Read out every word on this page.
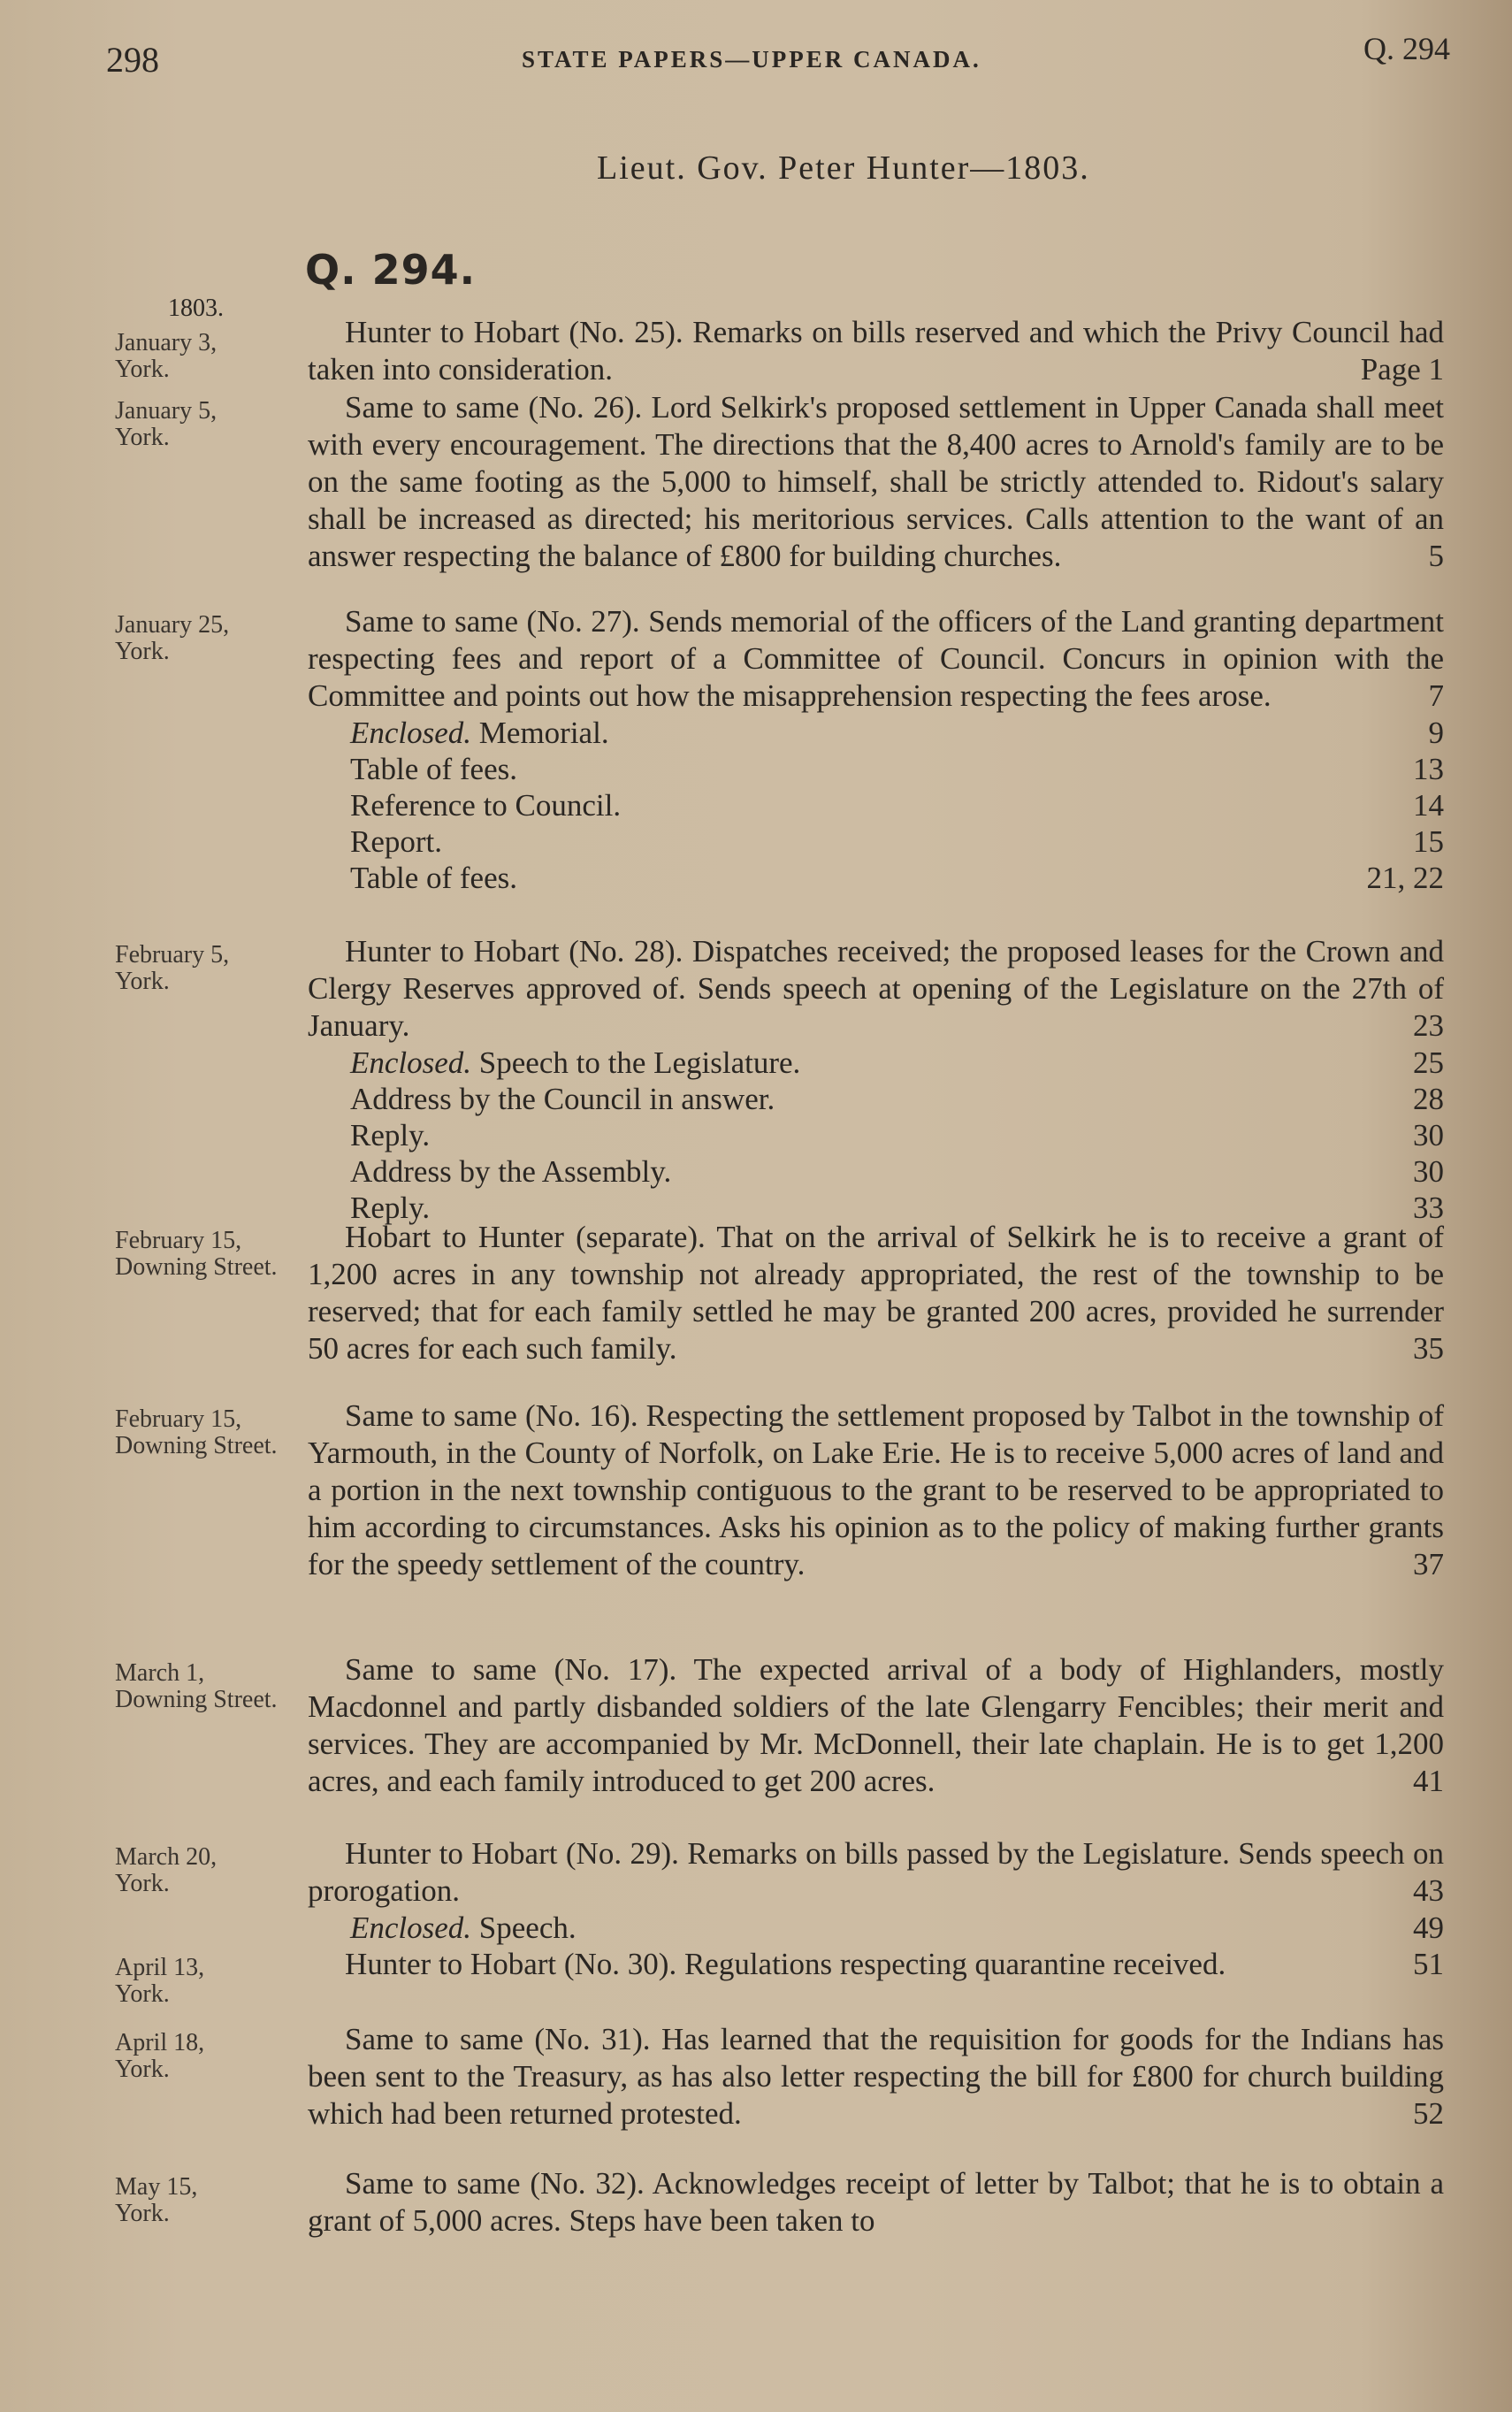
298	STATE PAPERS—UPPER CANADA.	Q. 294
Lieut. Gov. Peter Hunter—1803.
Q. 294.
1803.
January 3,
York.

Hunter to Hobart (No. 25). Remarks on bills reserved and which the Privy Council had taken into consideration.	Page 1

January 5,
York.

Same to same (No. 26). Lord Selkirk's proposed settlement in Upper Canada shall meet with every encouragement. The directions that the 8,400 acres to Arnold's family are to be on the same footing as the 5,000 to himself, shall be strictly attended to. Ridout's salary shall be increased as directed; his meritorious services. Calls attention to the want of an answer respecting the balance of £800 for building churches.	5

January 25,
York.

Same to same (No. 27). Sends memorial of the officers of the Land granting department respecting fees and report of a Committee of Council. Concurs in opinion with the Committee and points out how the misapprehension respecting the fees arose.	7

Enclosed. Memorial.	9
Table of fees.	13
Reference to Council.	14
Report.	15
Table of fees.	21, 22
February 5,
York.

Hunter to Hobart (No. 28). Dispatches received; the proposed leases for the Crown and Clergy Reserves approved of. Sends speech at opening of the Legislature on the 27th of January.	23

Enclosed. Speech to the Legislature.	25
Address by the Council in answer.	28
Reply.	30
Address by the Assembly.	30
Reply.	33
February 15,
Downing Street.

Hobart to Hunter (separate). That on the arrival of Selkirk he is to receive a grant of 1,200 acres in any township not already appropriated, the rest of the township to be reserved; that for each family settled he may be granted 200 acres, provided he surrender 50 acres for each such family.	35

February 15,
Downing Street.

Same to same (No. 16). Respecting the settlement proposed by Talbot in the township of Yarmouth, in the County of Norfolk, on Lake Erie. He is to receive 5,000 acres of land and a portion in the next township contiguous to the grant to be reserved to be appropriated to him according to circumstances. Asks his opinion as to the policy of making further grants for the speedy settlement of the country.	37

March 1,
Downing Street.

Same to same (No. 17). The expected arrival of a body of Highlanders, mostly Macdonnel and partly disbanded soldiers of the late Glengarry Fencibles; their merit and services. They are accompanied by Mr. McDonnell, their late chaplain. He is to get 1,200 acres, and each family introduced to get 200 acres.	41

March 20,
York.

Hunter to Hobart (No. 29). Remarks on bills passed by the Legislature. Sends speech on prorogation.	43

Enclosed. Speech.	49
April 13,
York.

Hunter to Hobart (No. 30). Regulations respecting quarantine received.	51

April 18,
York.

Same to same (No. 31). Has learned that the requisition for goods for the Indians has been sent to the Treasury, as has also letter respecting the bill for £800 for church building which had been returned protested.	52

May 15,
York.

Same to same (No. 32). Acknowledges receipt of letter by Talbot; that he is to obtain a grant of 5,000 acres. Steps have been taken to
